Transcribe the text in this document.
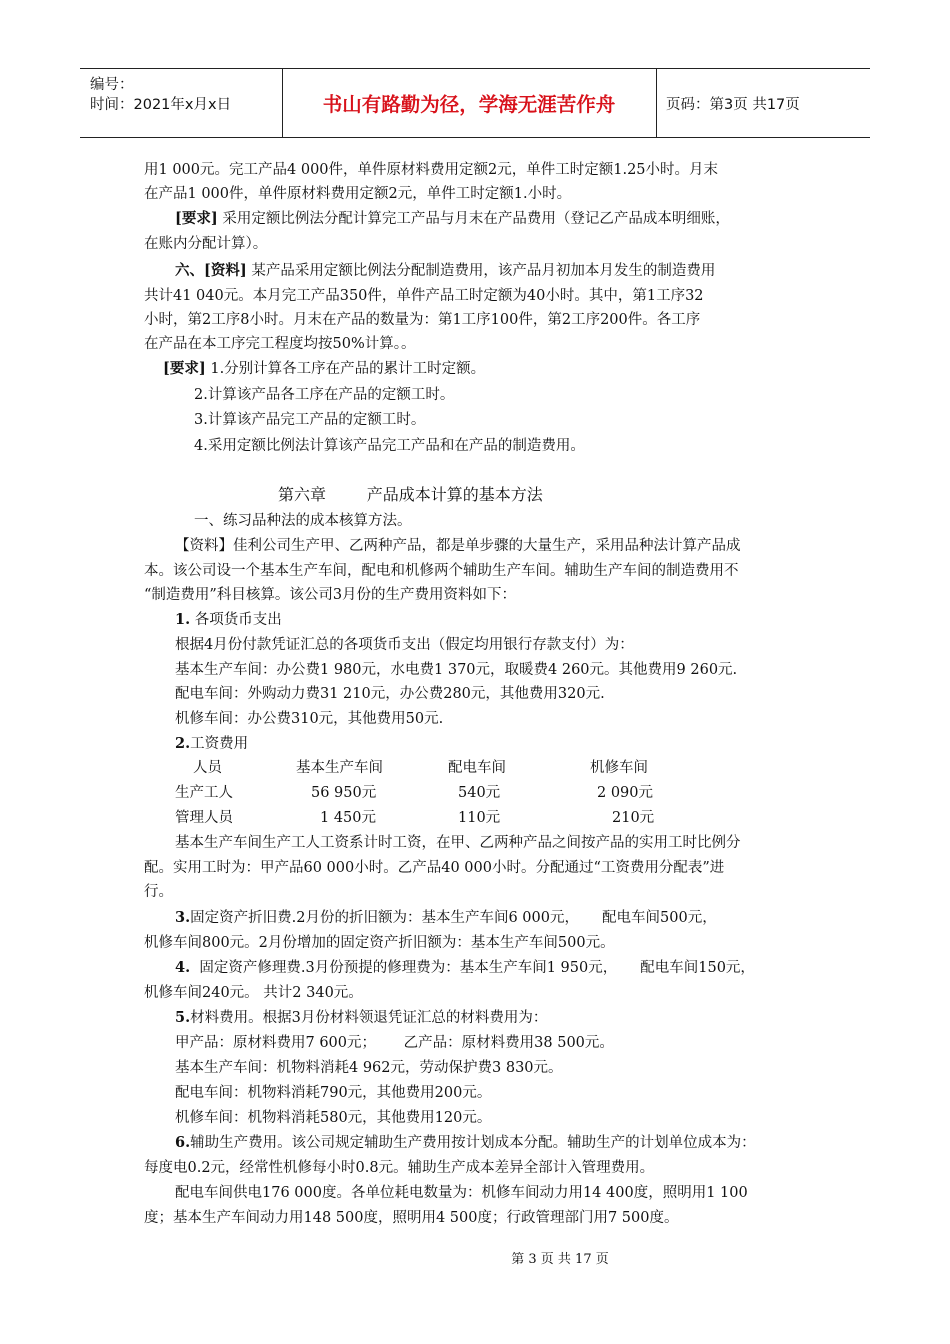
编号：
时间：2021年x月x日	书山有路勤为径，学海无涯苦作舟	页码：第3页 共17页
用1 000元。完工产品4 000件，单件原材料费用定额2元，单件工时定额1.25小时。月末
在产品1 000件，单件原材料费用定额2元，单件工时定额1.小时。
[要求] 采用定额比例法分配计算完工产品与月末在产品费用（登记乙产品成本明细账，
在账内分配计算）。
六、[资料] 某产品采用定额比例法分配制造费用，该产品月初加本月发生的制造费用
共计41 040元。本月完工产品350件，单件产品工时定额为40小时。其中，第1工序32
小时，第2工序8小时。月末在产品的数量为：第1工序100件，第2工序200件。各工序
在产品在本工序完工程度均按50%计算。。
[要求] 1.分别计算各工序在产品的累计工时定额。
2.计算该产品各工序在产品的定额工时。
3.计算该产品完工产品的定额工时。
4.采用定额比例法计算该产品完工产品和在产品的制造费用。
第六章        产品成本计算的基本方法
一、练习品种法的成本核算方法。
【资料】佳利公司生产甲、乙两种产品，都是单步骤的大量生产，采用品种法计算产品成
本。该公司设一个基本生产车间，配电和机修两个辅助生产车间。辅助生产车间的制造费用不
“制造费用”科目核算。该公司3月份的生产费用资料如下：
1. 各项货币支出
根据4月份付款凭证汇总的各项货币支出（假定均用银行存款支付）为：
基本生产车间：办公费1 980元，水电费1 370元，取暖费4 260元。其他费用9 260元.
配电车间：外购动力费31 210元，办公费280元，其他费用320元.
机修车间：办公费310元，其他费用50元.
2.工资费用
人员	基本生产车间	配电车间	机修车间
生产工人	56 950元	540元	2 090元
管理人员	1 450元	110元	210元
基本生产车间生产工人工资系计时工资，在甲、乙两种产品之间按产品的实用工时比例分
配。实用工时为：甲产品60 000小时。乙产品40 000小时。分配通过“工资费用分配表”进
行。
3.固定资产折旧费.2月份的折旧额为：基本生产车间6 000元，     配电车间500元，
机修车间800元。2月份增加的固定资产折旧额为：基本生产车间500元。
4. 固定资产修理费.3月份预提的修理费为：基本生产车间1 950元，     配电车间150元，
机修车间240元。 共计2 340元。
5.材料费用。根据3月份材料领退凭证汇总的材料费用为：
甲产品：原材料费用7 600元；      乙产品：原材料费用38 500元。
基本生产车间：机物料消耗4 962元，劳动保护费3 830元。
配电车间：机物料消耗790元，其他费用200元。
机修车间：机物料消耗580元，其他费用120元。
6.辅助生产费用。该公司规定辅助生产费用按计划成本分配。辅助生产的计划单位成本为：
每度电0.2元，经常性机修每小时0.8元。辅助生产成本差异全部计入管理费用。
配电车间供电176 000度。各单位耗电数量为：机修车间动力用14 400度，照明用1 100
度；基本生产车间动力用148 500度，照明用4 500度；行政管理部门用7 500度。
第 3 页 共 17 页
